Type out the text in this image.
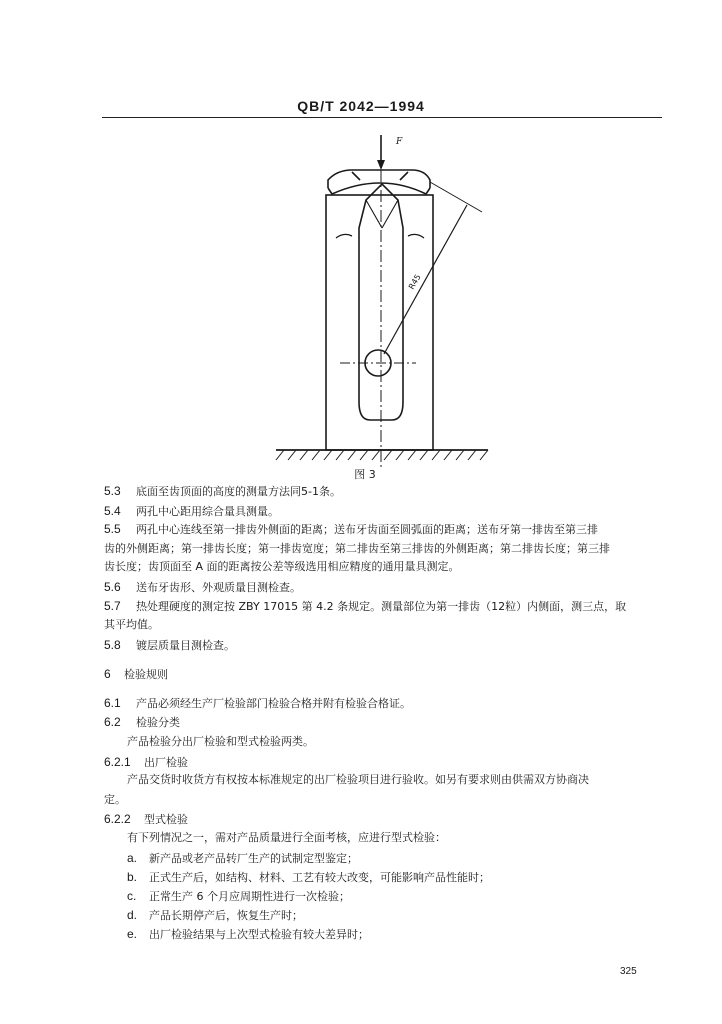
QB/T 2042—1994
F
R45
图 3
5.3 底面至齿顶面的高度的测量方法同5-1条。
5.4 两孔中心距用综合量具测量。
5.5 两孔中心连线至第一排齿外侧面的距离；送布牙齿面至圆弧面的距离；送布牙第一排齿至第三排
齿的外侧距离；第一排齿长度；第一排齿宽度；第二排齿至第三排齿的外侧距离；第二排齿长度；第三排
齿长度；齿顶面至 A 面的距离按公差等级选用相应精度的通用量具测定。
5.6 送布牙齿形、外观质量目测检查。
5.7 热处理硬度的测定按 ZBY 17015 第 4.2 条规定。测量部位为第一排齿（12粒）内侧面，测三点，取
其平均值。
5.8 镀层质量目测检查。
6 检验规则
6.1 产品必须经生产厂检验部门检验合格并附有检验合格证。
6.2 检验分类
产品检验分出厂检验和型式检验两类。
6.2.1 出厂检验
产品交货时收货方有权按本标准规定的出厂检验项目进行验收。如另有要求则由供需双方协商决
定。
6.2.2 型式检验
有下列情况之一，需对产品质量进行全面考核，应进行型式检验：
a. 新产品或老产品转厂生产的试制定型鉴定；
b. 正式生产后，如结构、材料、工艺有较大改变，可能影响产品性能时；
c. 正常生产 6 个月应周期性进行一次检验；
d. 产品长期停产后，恢复生产时；
e. 出厂检验结果与上次型式检验有较大差异时；
325
